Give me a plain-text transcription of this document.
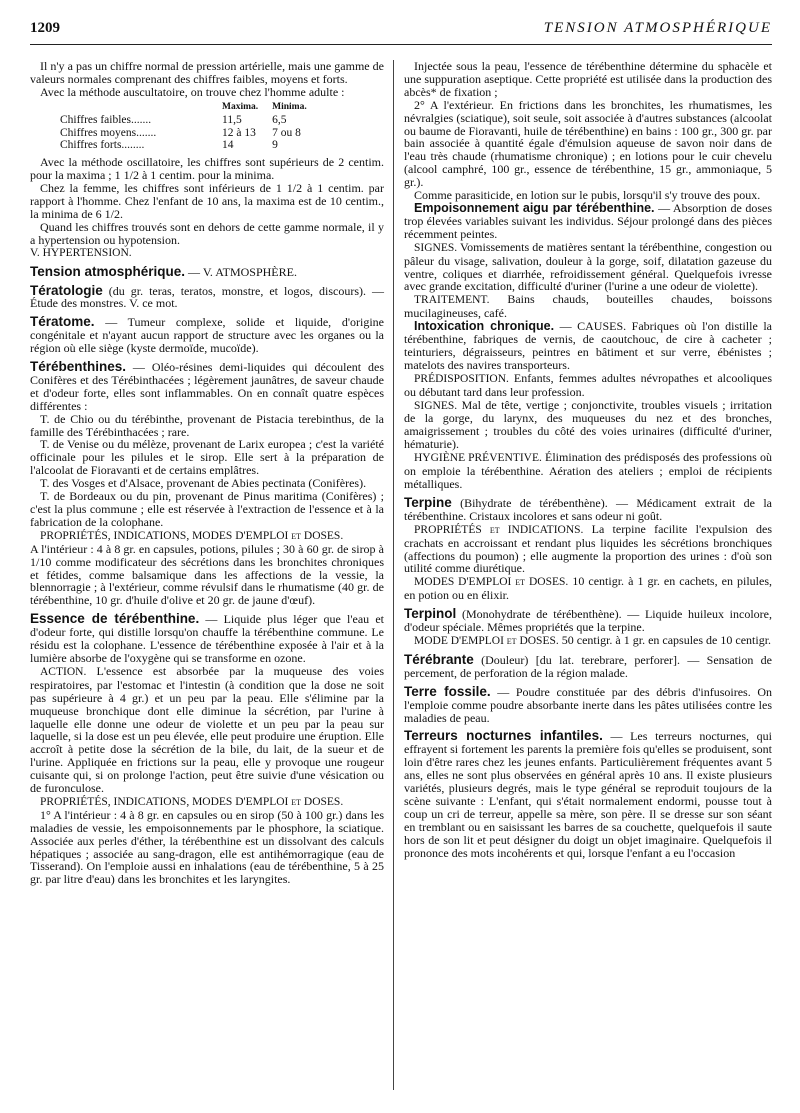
1209	TENSION ATMOSPHÉRIQUE

Il n'y a pas un chiffre normal de pression artérielle, mais une gamme de valeurs normales comprenant des chiffres faibles, moyens et forts.

Avec la méthode auscultatoire, on trouve chez l'homme adulte :

	Maxima.	Minima.
Chiffres faibles.......	11,5	6,5
Chiffres moyens.......	12 à 13	7 ou 8
Chiffres forts........	14	9

Avec la méthode oscillatoire, les chiffres sont supérieurs de 2 centim. pour la maxima ; 1 1/2 à 1 centim. pour la minima.

Chez la femme, les chiffres sont inférieurs de 1 1/2 à 1 centim. par rapport à l'homme. Chez l'enfant de 10 ans, la maxima est de 10 centim., la minima de 6 1/2.

Quand les chiffres trouvés sont en dehors de cette gamme normale, il y a hypertension ou hypotension.

V. HYPERTENSION.

Tension atmosphérique. — V. ATMOSPHÈRE.

Tératologie (du gr. teras, teratos, monstre, et logos, discours). — Étude des monstres. V. ce mot.

Tératome. — Tumeur complexe, solide et liquide, d'origine congénitale et n'ayant aucun rapport de structure avec les organes ou la région où elle siège (kyste dermoïde, mucoïde).

Térébenthines. — Oléo-résines demi-liquides qui découlent des Conifères et des Térébinthacées ; légèrement jaunâtres, de saveur chaude et d'odeur forte, elles sont inflammables. On en connaît quatre espèces différentes :

T. de Chio ou du térébinthe, provenant de Pistacia terebinthus, de la famille des Térébinthacées ; rare.

T. de Venise ou du mélèze, provenant de Larix europea ; c'est la variété officinale pour les pilules et le sirop. Elle sert à la préparation de l'alcoolat de Fioravanti et de certains emplâtres.

T. des Vosges et d'Alsace, provenant de Abies pectinata (Conifères).

T. de Bordeaux ou du pin, provenant de Pinus maritima (Conifères) ; c'est la plus commune ; elle est réservée à l'extraction de l'essence et à la fabrication de la colophane.

PROPRIÉTÉS, INDICATIONS, MODES D'EMPLOI et DOSES.

A l'intérieur : 4 à 8 gr. en capsules, potions, pilules ; 30 à 60 gr. de sirop à 1/10 comme modificateur des sécrétions dans les bronchites chroniques et fétides, comme balsamique dans les affections de la vessie, la blennorragie ; à l'extérieur, comme révulsif dans le rhumatisme (40 gr. de térébenthine, 10 gr. d'huile d'olive et 20 gr. de jaune d'œuf).

Essence de térébenthine. — Liquide plus léger que l'eau et d'odeur forte, qui distille lorsqu'on chauffe la térébenthine commune. Le résidu est la colophane. L'essence de térébenthine exposée à l'air et à la lumière absorbe de l'oxygène qui se transforme en ozone.

ACTION. L'essence est absorbée par la muqueuse des voies respiratoires, par l'estomac et l'intestin (à condition que la dose ne soit pas supérieure à 4 gr.) et un peu par la peau. Elle s'élimine par la muqueuse bronchique dont elle diminue la sécrétion, par l'urine à laquelle elle donne une odeur de violette et un peu par la peau sur laquelle, si la dose est un peu élevée, elle peut produire une éruption. Elle accroît à petite dose la sécrétion de la bile, du lait, de la sueur et de l'urine. Appliquée en frictions sur la peau, elle y provoque une rougeur cuisante qui, si on prolonge l'action, peut être suivie d'une vésication ou de furonculose.

PROPRIÉTÉS, INDICATIONS, MODES D'EMPLOI et DOSES.

1° A l'intérieur : 4 à 8 gr. en capsules ou en sirop (50 à 100 gr.) dans les maladies de vessie, les empoisonnements par le phosphore, la sciatique. Associée aux perles d'éther, la térébenthine est un dissolvant des calculs hépatiques ; associée au sang-dragon, elle est antihémorragique (eau de Tisserand). On l'emploie aussi en inhalations (eau de térébenthine, 5 à 25 gr. par litre d'eau) dans les bronchites et les laryngites.

Injectée sous la peau, l'essence de térébenthine détermine du sphacèle et une suppuration aseptique. Cette propriété est utilisée dans la production des abcès* de fixation ;

2° A l'extérieur. En frictions dans les bronchites, les rhumatismes, les névralgies (sciatique), soit seule, soit associée à d'autres substances (alcoolat ou baume de Fioravanti, huile de térébenthine) en bains : 100 gr., 300 gr. par bain associée à quantité égale d'émulsion aqueuse de savon noir dans de l'eau très chaude (rhumatisme chronique) ; en lotions pour le cuir chevelu (alcool camphré, 100 gr., essence de térébenthine, 15 gr., ammoniaque, 5 gr.).

Comme parasiticide, en lotion sur le pubis, lorsqu'il s'y trouve des poux.

Empoisonnement aigu par térébenthine. — Absorption de doses trop élevées variables suivant les individus. Séjour prolongé dans des pièces récemment peintes.

SIGNES. Vomissements de matières sentant la térébenthine, congestion ou pâleur du visage, salivation, douleur à la gorge, soif, dilatation gazeuse du ventre, coliques et diarrhée, refroidissement général. Quelquefois ivresse avec grande excitation, difficulté d'uriner (l'urine a une odeur de violette).

TRAITEMENT. Bains chauds, bouteilles chaudes, boissons mucilagineuses, café.

Intoxication chronique. — CAUSES. Fabriques où l'on distille la térébenthine, fabriques de vernis, de caoutchouc, de cire à cacheter ; teinturiers, dégraisseurs, peintres en bâtiment et sur verre, ébénistes ; matelots des navires transporteurs.

PRÉDISPOSITION. Enfants, femmes adultes névropathes et alcooliques ou débutant tard dans leur profession.

SIGNES. Mal de tête, vertige ; conjonctivite, troubles visuels ; irritation de la gorge, du larynx, des muqueuses du nez et des bronches, amaigrissement ; troubles du côté des voies urinaires (difficulté d'uriner, hématurie).

HYGIÈNE PRÉVENTIVE. Élimination des prédisposés des professions où on emploie la térébenthine. Aération des ateliers ; emploi de récipients métalliques.

Terpine (Bihydrate de térébenthène). — Médicament extrait de la térébenthine. Cristaux incolores et sans odeur ni goût.

PROPRIÉTÉS et INDICATIONS. La terpine facilite l'expulsion des crachats en accroissant et rendant plus liquides les sécrétions bronchiques (affections du poumon) ; elle augmente la proportion des urines : d'où son utilité comme diurétique.

MODES D'EMPLOI et DOSES. 10 centigr. à 1 gr. en cachets, en pilules, en potion ou en élixir.

Terpinol (Monohydrate de térébenthène). — Liquide huileux incolore, d'odeur spéciale. Mêmes propriétés que la terpine.

MODE D'EMPLOI et DOSES. 50 centigr. à 1 gr. en capsules de 10 centigr.

Térébrante (Douleur) [du lat. terebrare, perforer]. — Sensation de percement, de perforation de la région malade.

Terre fossile. — Poudre constituée par des débris d'infusoires. On l'emploie comme poudre absorbante inerte dans les pâtes utilisées contre les maladies de peau.

Terreurs nocturnes infantiles. — Les terreurs nocturnes, qui effrayent si fortement les parents la première fois qu'elles se produisent, sont loin d'être rares chez les jeunes enfants. Particulièrement fréquentes avant 5 ans, elles ne sont plus observées en général après 10 ans. Il existe plusieurs variétés, plusieurs degrés, mais le type général se reproduit toujours de la scène suivante : L'enfant, qui s'était normalement endormi, pousse tout à coup un cri de terreur, appelle sa mère, son père. Il se dresse sur son séant en tremblant ou en saisissant les barres de sa couchette, quelquefois il saute hors de son lit et peut désigner du doigt un objet imaginaire. Quelquefois il prononce des mots incohérents et qui, lorsque l'enfant a eu l'occasion
